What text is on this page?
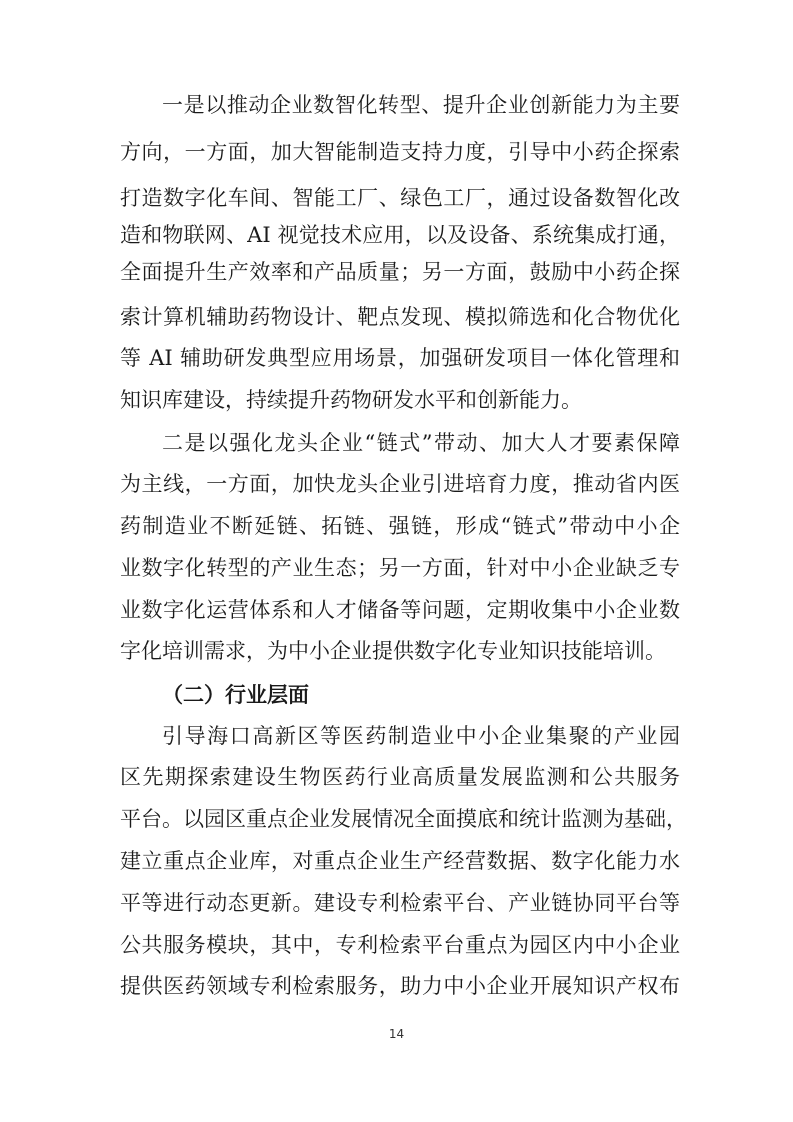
一是以推动企业数智化转型、提升企业创新能力为主要
方向，一方面，加大智能制造支持力度，引导中小药企探索
打造数字化车间、智能工厂、绿色工厂，通过设备数智化改
造和物联网、AI 视觉技术应用，以及设备、系统集成打通，
全面提升生产效率和产品质量；另一方面，鼓励中小药企探
索计算机辅助药物设计、靶点发现、模拟筛选和化合物优化
等 AI 辅助研发典型应用场景，加强研发项目一体化管理和
知识库建设，持续提升药物研发水平和创新能力。
二是以强化龙头企业“链式”带动、加大人才要素保障
为主线，一方面，加快龙头企业引进培育力度，推动省内医
药制造业不断延链、拓链、强链，形成“链式”带动中小企
业数字化转型的产业生态；另一方面，针对中小企业缺乏专
业数字化运营体系和人才储备等问题，定期收集中小企业数
字化培训需求，为中小企业提供数字化专业知识技能培训。
（二）行业层面
引导海口高新区等医药制造业中小企业集聚的产业园
区先期探索建设生物医药行业高质量发展监测和公共服务
平台。以园区重点企业发展情况全面摸底和统计监测为基础，
建立重点企业库，对重点企业生产经营数据、数字化能力水
平等进行动态更新。建设专利检索平台、产业链协同平台等
公共服务模块，其中，专利检索平台重点为园区内中小企业
提供医药领域专利检索服务，助力中小企业开展知识产权布
14
